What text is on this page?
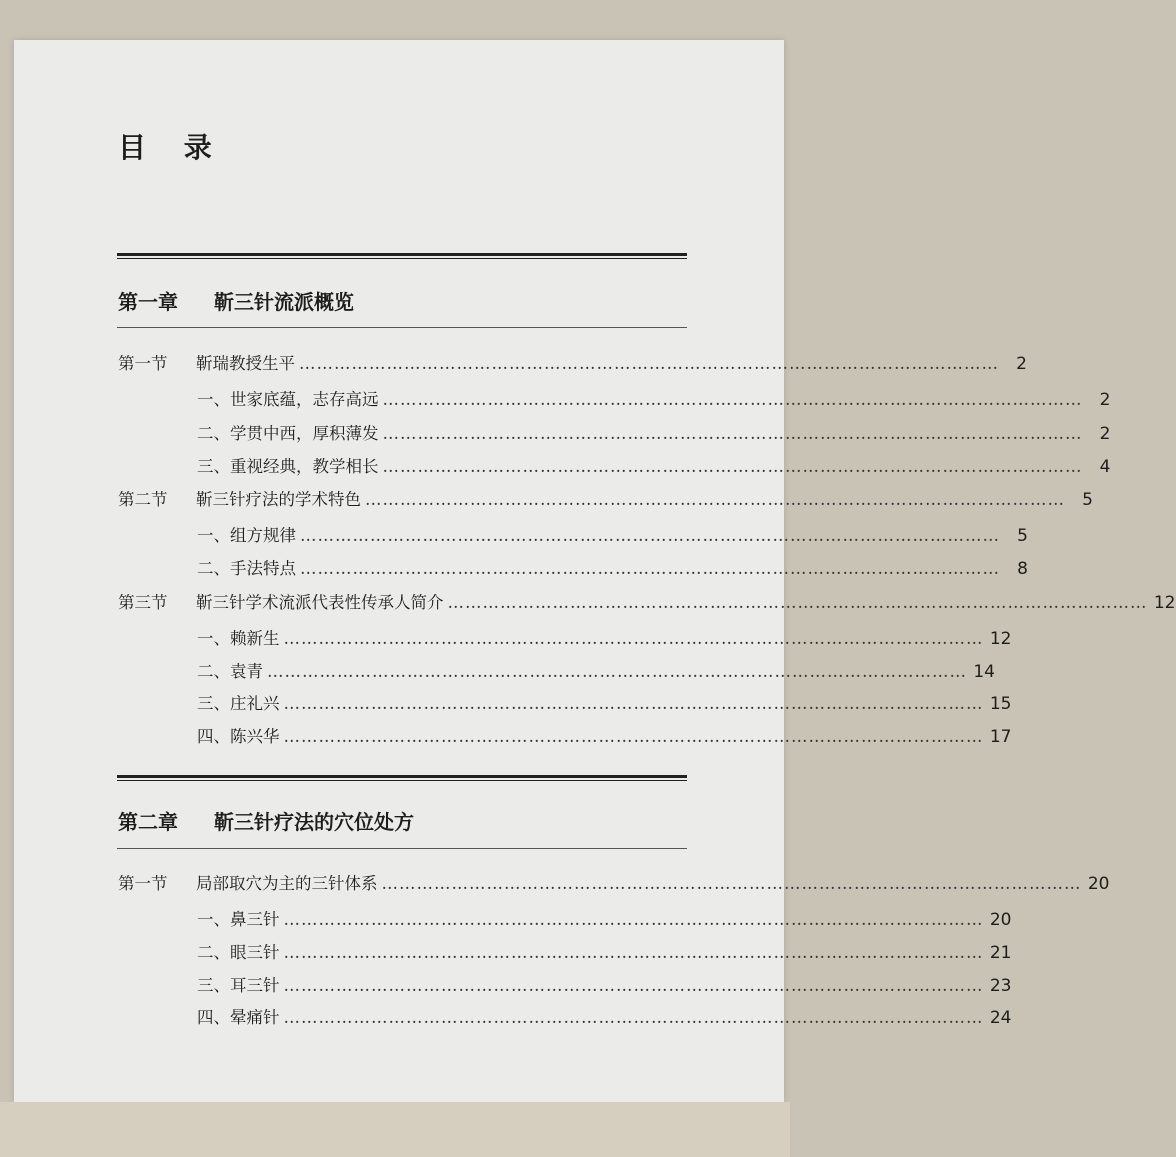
目 录
第一章 靳三针流派概览
第一节 靳瑞教授生平 …………………………………………………………………………………………………………	2
一、世家底蕴，志存高远 …………………………………………………………………………………………………………	2
二、学贯中西，厚积薄发 …………………………………………………………………………………………………………	2
三、重视经典，教学相长 …………………………………………………………………………………………………………	4
第二节 靳三针疗法的学术特色 …………………………………………………………………………………………………………	5
一、组方规律 …………………………………………………………………………………………………………	5
二、手法特点 …………………………………………………………………………………………………………	8
第三节 靳三针学术流派代表性传承人简介 ………………………………………………………………………………………………………… 12
一、赖新生 ………………………………………………………………………………………………………… 12
二、袁青 ………………………………………………………………………………………………………… 14
三、庄礼兴 ………………………………………………………………………………………………………… 15
四、陈兴华 ………………………………………………………………………………………………………… 17
第二章 靳三针疗法的穴位处方
第一节 局部取穴为主的三针体系 ………………………………………………………………………………………………………… 20
一、鼻三针 ………………………………………………………………………………………………………… 20
二、眼三针 ………………………………………………………………………………………………………… 21
三、耳三针 ………………………………………………………………………………………………………… 23
四、晕痛针 ………………………………………………………………………………………………………… 24
